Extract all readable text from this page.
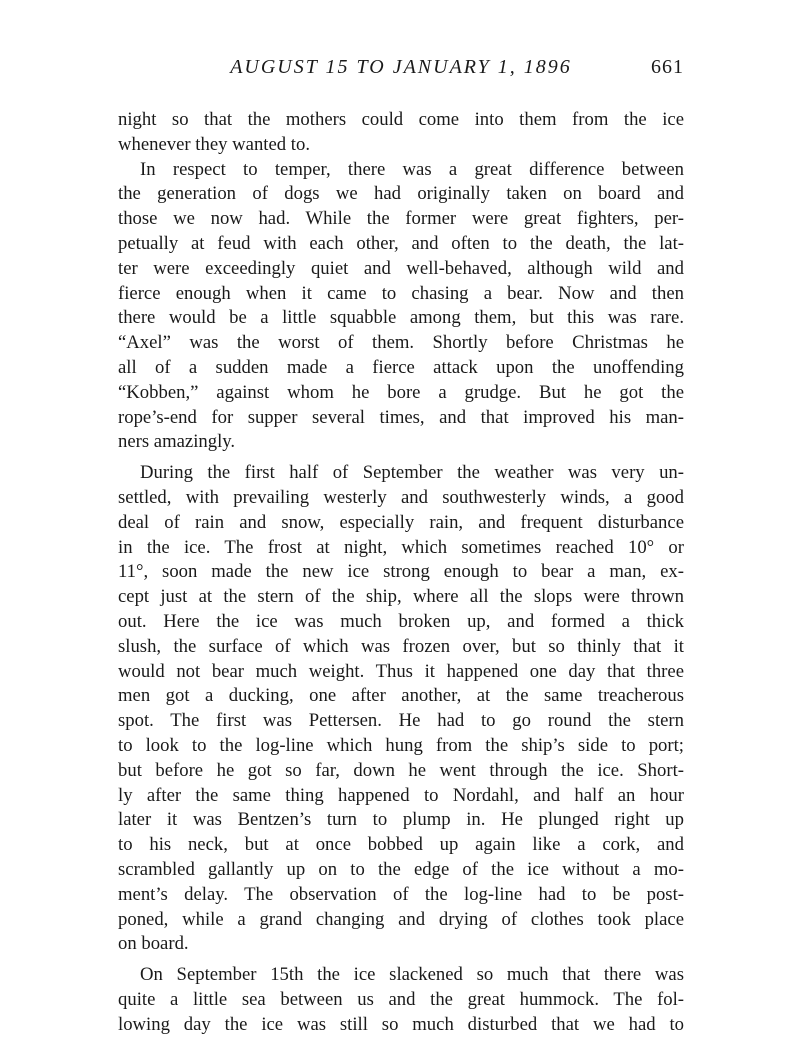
AUGUST 15 TO JANUARY 1, 1896	661
night so that the mothers could come into them from the ice
whenever they wanted to.
In respect to temper, there was a great difference between
the generation of dogs we had originally taken on board and
those we now had. While the former were great fighters, per-
petually at feud with each other, and often to the death, the lat-
ter were exceedingly quiet and well-behaved, although wild and
fierce enough when it came to chasing a bear. Now and then
there would be a little squabble among them, but this was rare.
“Axel” was the worst of them. Shortly before Christmas he
all of a sudden made a fierce attack upon the unoffending
“Kobben,” against whom he bore a grudge. But he got the
rope’s-end for supper several times, and that improved his man-
ners amazingly.
During the first half of September the weather was very un-
settled, with prevailing westerly and southwesterly winds, a good
deal of rain and snow, especially rain, and frequent disturbance
in the ice. The frost at night, which sometimes reached 10° or
11°, soon made the new ice strong enough to bear a man, ex-
cept just at the stern of the ship, where all the slops were thrown
out. Here the ice was much broken up, and formed a thick
slush, the surface of which was frozen over, but so thinly that it
would not bear much weight. Thus it happened one day that three
men got a ducking, one after another, at the same treacherous
spot. The first was Pettersen. He had to go round the stern
to look to the log-line which hung from the ship’s side to port;
but before he got so far, down he went through the ice. Short-
ly after the same thing happened to Nordahl, and half an hour
later it was Bentzen’s turn to plump in. He plunged right up
to his neck, but at once bobbed up again like a cork, and
scrambled gallantly up on to the edge of the ice without a mo-
ment’s delay. The observation of the log-line had to be post-
poned, while a grand changing and drying of clothes took place
on board.
On September 15th the ice slackened so much that there was
quite a little sea between us and the great hummock. The fol-
lowing day the ice was still so much disturbed that we had to
